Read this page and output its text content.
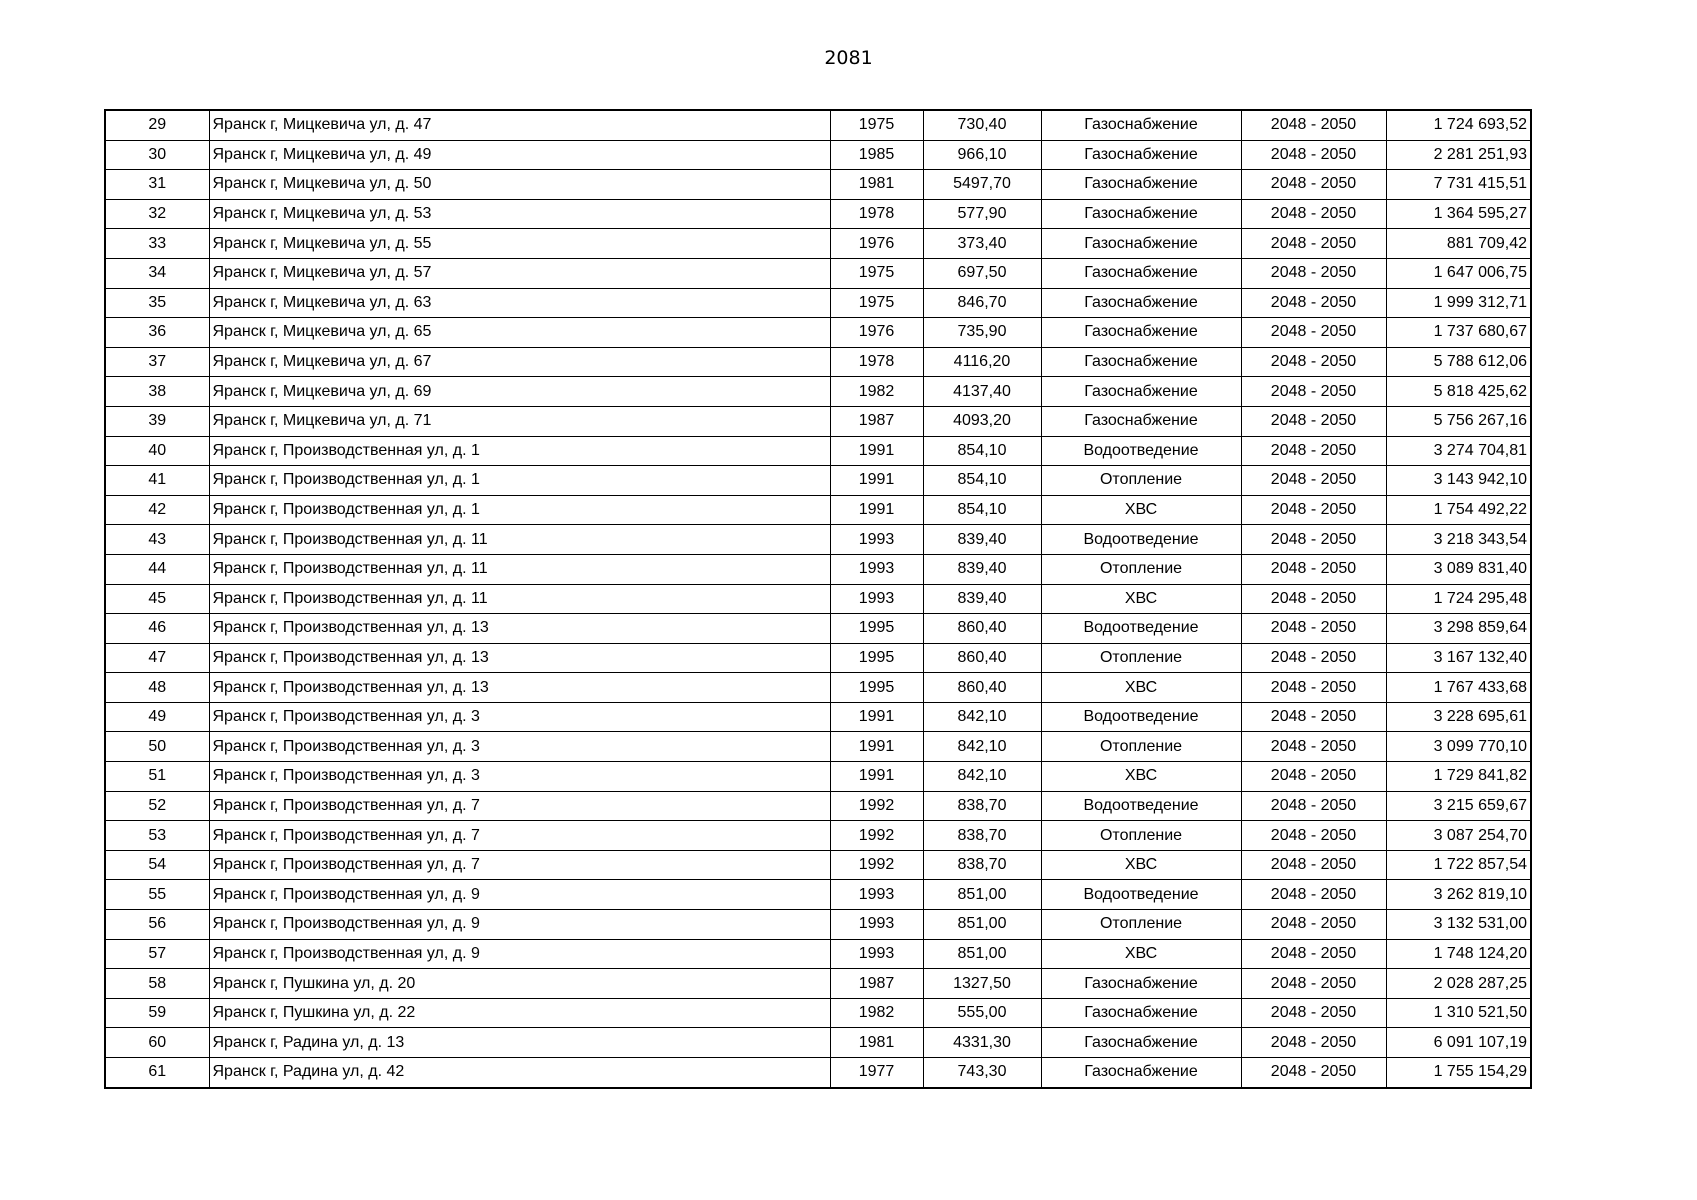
2081
29	Яранск г, Мицкевича ул, д. 47	1975	730,40	Газоснабжение	2048 - 2050	1 724 693,52
30	Яранск г, Мицкевича ул, д. 49	1985	966,10	Газоснабжение	2048 - 2050	2 281 251,93
31	Яранск г, Мицкевича ул, д. 50	1981	5497,70	Газоснабжение	2048 - 2050	7 731 415,51
32	Яранск г, Мицкевича ул, д. 53	1978	577,90	Газоснабжение	2048 - 2050	1 364 595,27
33	Яранск г, Мицкевича ул, д. 55	1976	373,40	Газоснабжение	2048 - 2050	881 709,42
34	Яранск г, Мицкевича ул, д. 57	1975	697,50	Газоснабжение	2048 - 2050	1 647 006,75
35	Яранск г, Мицкевича ул, д. 63	1975	846,70	Газоснабжение	2048 - 2050	1 999 312,71
36	Яранск г, Мицкевича ул, д. 65	1976	735,90	Газоснабжение	2048 - 2050	1 737 680,67
37	Яранск г, Мицкевича ул, д. 67	1978	4116,20	Газоснабжение	2048 - 2050	5 788 612,06
38	Яранск г, Мицкевича ул, д. 69	1982	4137,40	Газоснабжение	2048 - 2050	5 818 425,62
39	Яранск г, Мицкевича ул, д. 71	1987	4093,20	Газоснабжение	2048 - 2050	5 756 267,16
40	Яранск г, Производственная ул, д. 1	1991	854,10	Водоотведение	2048 - 2050	3 274 704,81
41	Яранск г, Производственная ул, д. 1	1991	854,10	Отопление	2048 - 2050	3 143 942,10
42	Яранск г, Производственная ул, д. 1	1991	854,10	ХВС	2048 - 2050	1 754 492,22
43	Яранск г, Производственная ул, д. 11	1993	839,40	Водоотведение	2048 - 2050	3 218 343,54
44	Яранск г, Производственная ул, д. 11	1993	839,40	Отопление	2048 - 2050	3 089 831,40
45	Яранск г, Производственная ул, д. 11	1993	839,40	ХВС	2048 - 2050	1 724 295,48
46	Яранск г, Производственная ул, д. 13	1995	860,40	Водоотведение	2048 - 2050	3 298 859,64
47	Яранск г, Производственная ул, д. 13	1995	860,40	Отопление	2048 - 2050	3 167 132,40
48	Яранск г, Производственная ул, д. 13	1995	860,40	ХВС	2048 - 2050	1 767 433,68
49	Яранск г, Производственная ул, д. 3	1991	842,10	Водоотведение	2048 - 2050	3 228 695,61
50	Яранск г, Производственная ул, д. 3	1991	842,10	Отопление	2048 - 2050	3 099 770,10
51	Яранск г, Производственная ул, д. 3	1991	842,10	ХВС	2048 - 2050	1 729 841,82
52	Яранск г, Производственная ул, д. 7	1992	838,70	Водоотведение	2048 - 2050	3 215 659,67
53	Яранск г, Производственная ул, д. 7	1992	838,70	Отопление	2048 - 2050	3 087 254,70
54	Яранск г, Производственная ул, д. 7	1992	838,70	ХВС	2048 - 2050	1 722 857,54
55	Яранск г, Производственная ул, д. 9	1993	851,00	Водоотведение	2048 - 2050	3 262 819,10
56	Яранск г, Производственная ул, д. 9	1993	851,00	Отопление	2048 - 2050	3 132 531,00
57	Яранск г, Производственная ул, д. 9	1993	851,00	ХВС	2048 - 2050	1 748 124,20
58	Яранск г, Пушкина ул, д. 20	1987	1327,50	Газоснабжение	2048 - 2050	2 028 287,25
59	Яранск г, Пушкина ул, д. 22	1982	555,00	Газоснабжение	2048 - 2050	1 310 521,50
60	Яранск г, Радина ул, д. 13	1981	4331,30	Газоснабжение	2048 - 2050	6 091 107,19
61	Яранск г, Радина ул, д. 42	1977	743,30	Газоснабжение	2048 - 2050	1 755 154,29
